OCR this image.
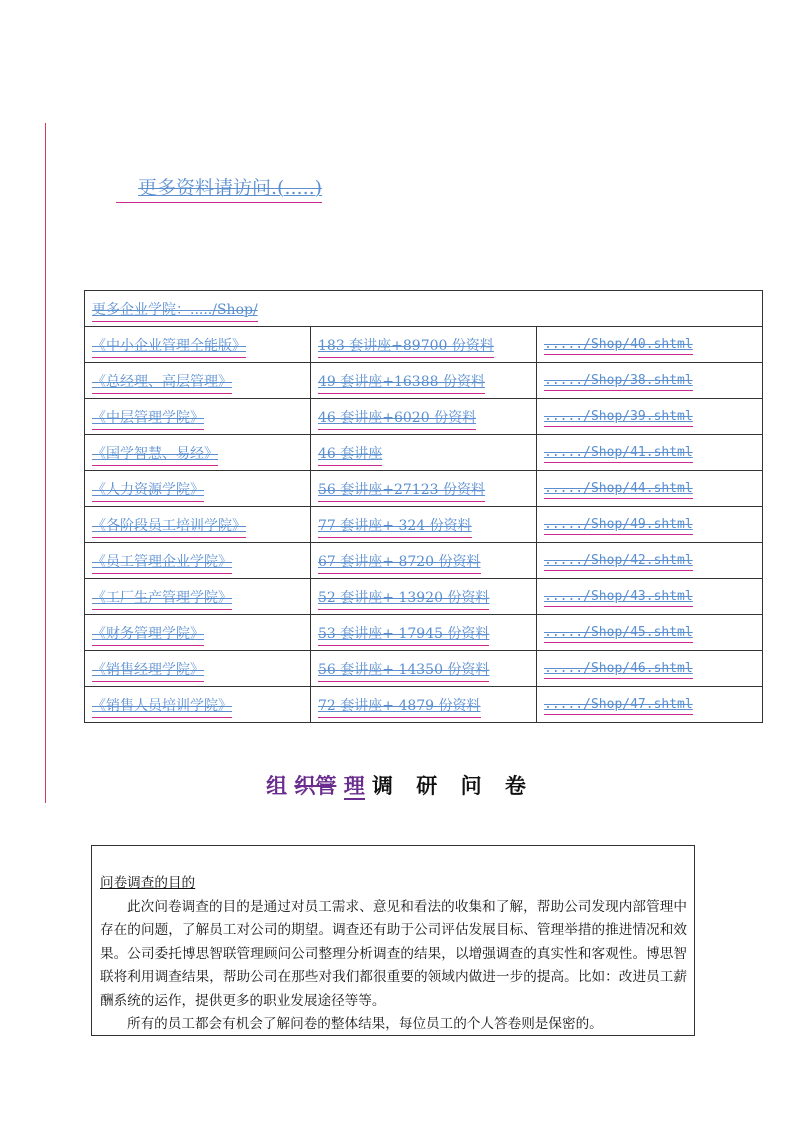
更多资料请访问.(.....)
更多企业学院：...../Shop/		
《中小企业管理全能版》	183 套讲座+89700 份资料	...../Shop/40.shtml
《总经理、高层管理》	49 套讲座+16388 份资料	...../Shop/38.shtml
《中层管理学院》	46 套讲座+6020 份资料	...../Shop/39.shtml
《国学智慧、易经》	46 套讲座	...../Shop/41.shtml
《人力资源学院》	56 套讲座+27123 份资料	...../Shop/44.shtml
《各阶段员工培训学院》	77 套讲座+ 324 份资料	...../Shop/49.shtml
《员工管理企业学院》	67 套讲座+ 8720 份资料	...../Shop/42.shtml
《工厂生产管理学院》	52 套讲座+ 13920 份资料	...../Shop/43.shtml
《财务管理学院》	53 套讲座+ 17945 份资料	...../Shop/45.shtml
《销售经理学院》	56 套讲座+ 14350 份资料	...../Shop/46.shtml
《销售人员培训学院》	72 套讲座+ 4879 份资料	...../Shop/47.shtml
组 织管 理 调 研 问 卷

问卷调查的目的

此次问卷调查的目的是通过对员工需求、意见和看法的收集和了解，帮助公司发现内部管理中存在的问题，了解员工对公司的期望。调查还有助于公司评估发展目标、管理举措的推进情况和效果。公司委托博思智联管理顾问公司整理分析调查的结果，以增强调查的真实性和客观性。博思智联将利用调查结果，帮助公司在那些对我们都很重要的领域内做进一步的提高。比如：改进员工薪酬系统的运作，提供更多的职业发展途径等等。

所有的员工都会有机会了解问卷的整体结果，每位员工的个人答卷则是保密的。
